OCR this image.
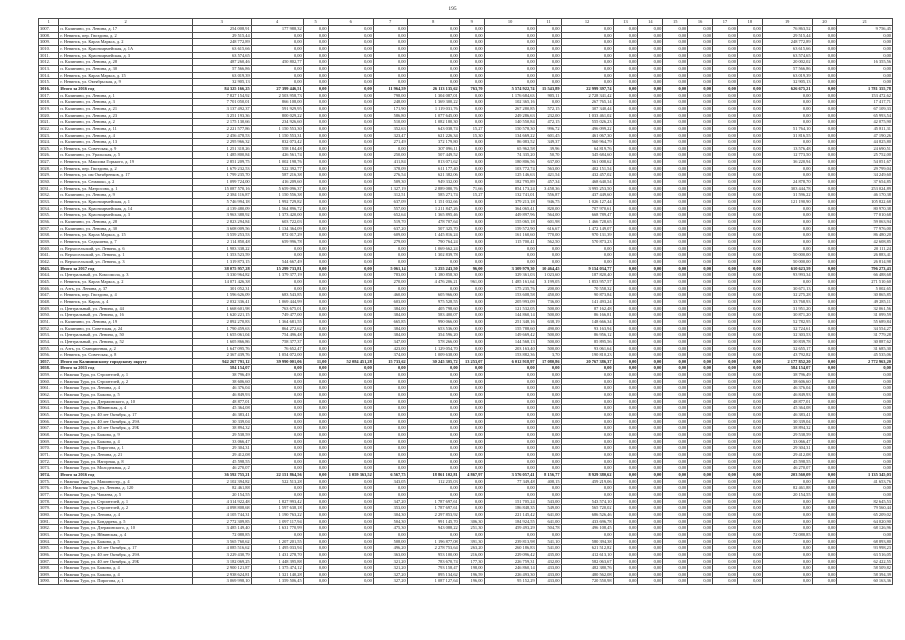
195
1	2	3	4	5	6	7	8	9	10	11	12	13	14	15	16	17	18	19	20	21
3007.	п. Калинино, ул. Ленина, д. 17	254 008,91	177 988,32	0,00	0,00	0,00	0,00	0,00	0,00	0,00	0,00	0,00	0,00	0,00	0,00	0,00	0,00	76 863,52	0,00	9 756,45
3008.	г. Невинск, пер. Гвоздина, д. 2	29 515,44	0,00	0,00	0,00	0,00	0,00	0,00	0,00	0,00	0,00	0,00	0,00	0,00	0,00	0,00	0,00	29 515,44	0,00	0,00
3009.	г. Невинск, ул. Карла Маркса, д. 2	248 772,89	0,00	0,00	0,00	0,00	0,00	0,00	0,00	0,00	0,00	0,00	0,00	0,00	0,00	0,00	0,00	248 772,89	0,00	0,00
3010.	г. Невинск, ул. Красноармейская, д. 1А	63 615,66	0,00	0,00	0,00	0,00	0,00	0,00	0,00	0,00	0,00	0,00	0,00	0,00	0,00	0,00	0,00	63 615,66	0,00	0,00
3011.	г. Невинск, ул. Красноармейская, д. 3	63 574,65	0,00	0,00	0,00	0,00	0,00	0,00	0,00	0,00	0,00	0,00	0,00	0,00	0,00	0,00	0,00	63 574,65	0,00	0,00
3012.	п. Калинино, ул. Ленина, д. 28	487 260,46	450 802,77	0,00	0,00	0,00	0,00	0,00	0,00	0,00	0,00	0,00	0,00	0,00	0,00	0,00	0,00	20 002,02	0,00	16 355,56
3013.	п. Калинино, ул. Ленина, д. 30	57 566,86	0,00	0,00	0,00	0,00	0,00	0,00	0,00	0,00	0,00	0,00	0,00	0,00	0,00	0,00	0,00	57 566,86	0,00	0,00
3014.	г. Невинск, ул. Карла Маркса, д. 15	63 019,39	0,00	0,00	0,00	0,00	0,00	0,00	0,00	0,00	0,00	0,00	0,00	0,00	0,00	0,00	0,00	63 019,39	0,00	0,00
3015.	г. Невинск, ул. Октябрьская, д. 9	32 905,13	0,00	0,00	0,00	0,00	0,00	0,00	0,00	0,00	0,00	0,00	0,00	0,00	0,00	0,00	0,00	32 905,13	0,00	0,00
3016.	Итого за 2016 год	84 325 166,25	27 399 446,51	0,00	0,00	11 964,59	26 113 135,62	763,70	5 574 922,74	15 543,89	22 999 397,74	0,00	0,00	0,00	0,00	0,00	0,00	626 675,21	0,00	1 781 355,78
3017.	п. Калинино, ул. Ленина, д. 1	7 827 154,92	2 503 958,73	0,00	0,00	798,00	1 304 087,01	0,00	1 176 684,63	905,11	2 728 341,42	0,00	0,00	0,00	0,00	0,00	0,00	0,00	0,00	153 472,62
3018.	п. Калинино, ул. Ленина, д. 3	7 701 050,01	866 108,00	0,00	0,00	248,00	1 369 300,22	0,00	102 365,16	0,00	267 765,14	0,00	0,00	0,00	0,00	0,00	0,00	0,00	0,00	17 417,71
3019.	п. Калинино, ул. Ленина, д. 21	3 137 492,37	591 929,95	0,00	0,00	171,90	1 119 031,76	0,00	267 280,85	572,15	307 340,44	0,00	0,00	0,00	0,00	0,00	0,00	0,00	0,00	67 109,33
3020.	п. Калинино, ул. Ленина, д. 23	3 251 193,36	800 029,22	0,00	0,00	586,80	1 077 645,00	0,00	249 286,63	232,00	1 033 461,02	0,00	0,00	0,00	0,00	0,00	0,00	0,00	0,00	65 993,54
3021.	п. Калинино, ул. Ленина, д. 2	2 175 130,66	234 926,60	0,00	0,00	510,00	1 082 180,30	0,00	140 550,84	472,15	555 026,23	0,00	0,00	0,00	0,00	0,00	0,00	0,00	0,00	42 075,90
3022.	п. Калинино, ул. Ленина, д. 11	2 221 577,86	1 150 553,30	0,00	0,00	352,63	643 038,74	15,27	150 578,30	996,72	496 099,22	0,00	0,00	0,00	0,00	0,00	0,00	51 764,10	0,00	45 811,31
3023.	п. Калинино, ул. Ленина, д. 4	2 456 478,53	1 150 553,31	0,00	0,00	323,47	621 226,34	15,30	134 669,22	601,45	461 067,30	0,00	0,00	0,00	0,00	0,00	0,00	31 816,55	0,00	47 190,26
3024.	п. Калинино, ул. Ленина, д. 13	2 295 966,32	832 073,42	0,00	0,00	271,49	372 179,80	0,00	86 083,52	349,37	560 964,79	0,00	0,00	0,00	0,00	0,00	0,00	0,00	0,00	44 825,80
3025.	г. Невинск, ул. Советская, д. 9	1 251 318,26	558 184,48	0,00	0,00	0,00	307 096,11	0,00	65 962,58	39,96	64 819,76	0,00	0,00	0,00	0,00	0,00	0,00	13 576,48	0,00	24 690,51
3026.	п. Калинино, ул. Уральская, д. 5	1 485 800,84	426 561,74	0,00	0,00	250,00	507 449,52	0,00	74 335,20	50,70	345 684,60	0,00	0,00	0,00	0,00	0,00	0,00	12 773,50	0,00	25 752,00
3027.	г. Невинск, ул. Максима Горького, д. 19	2 851 209,75	1 002 198,76	0,00	0,00	411,84	813 071,62	0,00	180 806,56	637,00	561 008,62	0,00	0,00	0,00	0,00	0,00	0,00	36 220,94	0,00	54 051,67
3028.	г. Невинск, пер. Гвоздина, д. 2	1 679 232,53	522 392,77	0,00	0,00	378,09	611 177,40	0,00	103 772,74	563,00	402 151,54	0,00	0,00	0,00	0,00	0,00	0,00	0,00	0,00	29 799,04
3029.	г. Невинск, ул. им Октябренков, д. 17	1 799 235,70	587 216,38	0,00	0,00	276,54	621 382,06	0,00	125 146,63	421,54	432 457,02	0,00	0,00	0,00	0,00	0,00	0,00	0,00	0,00	34 249,60
3030.	г. Невинск, ул. Семашко, д. 2	1 099 724,00	416 209,60	0,00	0,00	509,30	949 332,00	0,00	182 795,89	457,34	468 640,54	0,00	0,00	0,00	0,00	0,00	0,00	24 878,70	0,00	37 654,85
3031.	г. Невинск, ул. Матросова, д. 1	15 087 570,16	5 659 096,37	0,00	0,00	1 327,19	2 889 080,76	71,66	854 173,24	3 458,36	3 995 253,50	0,00	0,00	0,00	0,00	0,00	0,00	303 444,78	0,00	253 024,89
3032.	п. Калинино, ул. Ленина, д. 9	2 384 116,87	1 150 556,38	0,00	0,00	312,51	585 271,74	15,27	132 741,01	556,87	437 449,60	0,00	0,00	0,00	0,00	0,00	0,00	31 596,22	0,00	46 170,38
3033.	г. Невинск, ул. Красноармейская, д. 1	5 746 994,18	1 992 729,82	0,00	0,00	637,09	1 151 032,66	0,00	379 213,18	946,75	1 026 127,44	0,00	0,00	0,00	0,00	0,00	0,00	121 190,90	0,00	105 822,68
3034.	г. Невинск, ул. Красноармейская, д. 14	4 139 480,09	1 564 896,72	0,00	0,00	557,00	1 211 847,26	0,00	364 065,41	820,00	707 970,61	0,00	0,00	0,00	0,00	0,00	0,00	0,00	0,00	80 970,38
3035.	г. Невинск, ул. Красноармейская, д. 3	3 963 388,92	1 373 420,00	0,00	0,00	652,64	1 365 895,46	0,00	449 897,96	564,00	668 789,47	0,00	0,00	0,00	0,00	0,00	0,00	0,00	0,00	77 010,68
3036.	п. Калинино, ул. Ленина, д. 28	2 823 294,84	603 722,03	0,00	0,00	519,70	478 707,64	0,00	155 065,18	601,98	1 466 728,65	0,00	0,00	0,00	0,00	0,00	0,00	0,00	0,00	59 063,94
3037.	п. Калинино, ул. Ленина, д. 30	3 608 009,56	1 134 364,09	0,00	0,00	637,20	507 325,70	0,00	159 572,90	616,67	1 472 149,07	0,00	0,00	0,00	0,00	0,00	0,00	0,00	0,00	77 976,00
3038.	г. Невинск, ул. Карла Маркса, д. 15	3 559 253,53	872 017,29	0,00	0,00	609,00	1 445 816,24	0,00	161 160,60	770,00	970 131,39	0,00	0,00	0,00	0,00	0,00	0,00	0,00	0,00	86 480,20
3039.	г. Невинск, ул. Седышева, д. 7	2 114 850,48	659 996,78	0,00	0,00	279,00	790 764,24	0,00	115 700,41	562,50	570 873,23	0,00	0,00	0,00	0,00	0,00	0,00	0,00	0,00	42 608,85
3040.	п. Верхосельский, ул. Ленина, д. 6	1 983 338,22	0,00	0,00	0,00	0,00	1 069 662,24	0,00	0,00	0,00	0,00	0,00	0,00	0,00	0,00	0,00	0,00	0,00	0,00	20 111,24
3041.	п. Верхосельский, ул. Ленина, д. 1	1 353 523,59	0,00	0,00	0,00	0,00	1 302 839,78	0,00	0,00	0,00	0,00	0,00	0,00	0,00	0,00	0,00	0,00	50 000,00	0,00	26 883,41
3042.	п. Верхосельский, ул. Ленина, д. 3	1 319 873,15	544 667,49	0,00	0,00	0,00	0,00	0,00	0,00	0,00	0,00	0,00	0,00	0,00	0,00	0,00	0,00	50 000,00	0,00	26 814,98
3043.	Итого за 2017 год	38 075 957,28	15 299 733,81	0,00	0,00	5 061,14	3 255 243,50	96,00	3 309 979,30	10 464,45	9 154 034,77	0,00	0,00	0,00	0,00	0,00	0,00	610 623,59	0,00	796 273,43
3044.	п. Центральный, ул. Комсомола, д. 3	3 330 964,82	1 379 377,19	0,00	0,00	783,00	1 180 858,30	0,00	329 361,03	1 023,60	187 820,40	0,00	0,00	0,00	0,00	0,00	0,00	93 993,34	0,00	66 488,68
3045.	г. Невинск, ул. Карла Маркса, д. 2	14 071 426,38	0,00	0,00	0,00	270,00	4 476 206,21	961,00	1 485 161,64	3 199,05	1 853 957,57	0,00	0,00	0,00	0,00	0,00	0,00	0,00	0,00	271 510,60
3046.	п. Азть, ул. Ленина, д. 37	301 052,31	0,00	0,00	0,00	0,00	0,00	0,00	175 235,76	200,00	70 558,32	0,00	0,00	0,00	0,00	0,00	0,00	30 671,13	0,00	5 002,65
3047.	г. Невинск, пер. Гвоздина, д. 4	1 596 626,09	683 543,85	0,00	0,00	460,00	605 966,00	0,00	153 608,58	450,00	90 873,84	0,00	0,00	0,00	0,00	0,00	0,00	32 275,28	0,00	30 865,85
3048.	г. Невинск, ул. Карла, д. 4	2 032 336,41	1 069 444,99	0,00	0,00	603,00	975 528,55	0,00	205 993,09	736,00	141 493,24	0,00	0,00	0,00	0,00	0,00	0,00	33 768,93	0,00	49 285,11
3049.	п. Центральный, ул. Ленина, д. 44	1 668 601,98	763 675,01	0,00	0,00	384,00	405 798,60	0,00	121 532,05	500,00	87 162,48	0,00	0,00	0,00	0,00	0,00	0,00	31 951,20	0,00	32 061,56
3050.	п. Центральный, ул. Ленина, д. 16	1 620 221,15	749 477,00	0,00	0,00	384,00	583 400,07	0,00	144 860,14	500,00	86 166,81	0,00	0,00	0,00	0,00	0,00	0,00	30 871,20	0,00	31 099,59
3051.	п. Калинино, ул. Ленина, д. 19	2 892 270,83	1 364 681,55	0,00	0,00	665,85	990 066,00	0,00	251 348,16	638,19	148 666,34	0,00	0,00	0,00	0,00	0,00	0,00	52 782,95	0,00	55 689,84
3052.	п. Калинино, ул. Советская, д. 24	1 790 459,63	864 272,62	0,00	0,00	384,00	653 536,00	0,00	155 788,60	490,00	93 163,94	0,00	0,00	0,00	0,00	0,00	0,00	32 724,61	0,00	34 554,27
3053.	п. Центральный, ул. Ленина, д. 50	1 655 061,04	754 496,48	0,00	0,00	384,00	354 596,20	0,00	149 669,42	500,00	86 956,12	0,00	0,00	0,00	0,00	0,00	0,00	32 303,53	0,00	31 779,28
3054.	п. Центральный, ул. Ленина, д. 52	1 605 866,86	758 377,37	0,00	0,00	347,00	578 266,00	0,00	144 568,13	500,00	85 895,56	0,00	0,00	0,00	0,00	0,00	0,00	30 839,78	0,00	30 887,62
3055.	п. Азть, ул. Станционная, д. 2	1 647 095,76	76 652,47	0,00	0,00	423,00	1 129 054,70	0,00	203 163,40	500,00	93 061,64	0,00	0,00	0,00	0,00	0,00	0,00	32 655,17	0,00	31 685,30
3056.	г. Невинск, ул. Советская, д. 8	2 367 439,76	1 054 072,00	0,00	0,00	374,00	1 009 638,00	0,00	153 882,36	3,70	190 810,23	0,00	0,00	0,00	0,00	0,00	0,00	43 792,82	0,00	45 535,06
3057.	Итого по Калининскому городскому округу	942 267 791,12	39 990 001,06	11,00	52 084 451,28	15 733,62	30 245 305,72	13 253,07	6 012 918,97	17 080,86	20 767 386,37	0,00	0,00	0,00	0,00	0,00	0,00	2 177 852,20	0,00	2 772 963,20
3058.	Итого за 2015 год	584 154,07	0,00	0,00	0,00	0,00	0,00	0,00	0,00	0,00	0,00	0,00	0,00	0,00	0,00	0,00	0,00	584 154,07	0,00	0,00
3059.	г. Нижняя Тура, ул. Строителей, д. 1	38 796,49	0,00	0,00	0,00	0,00	0,00	0,00	0,00	0,00	0,00	0,00	0,00	0,00	0,00	0,00	0,00	38 796,49	0,00	0,00
3060.	г. Нижняя Тура, ул. Строителей, д. 2	38 606,60	0,00	0,00	0,00	0,00	0,00	0,00	0,00	0,00	0,00	0,00	0,00	0,00	0,00	0,00	0,00	38 606,60	0,00	0,00
3061.	г. Нижняя Тура, ул. Ленина, д. 4	46 376,04	0,00	0,00	0,00	0,00	0,00	0,00	0,00	0,00	0,00	0,00	0,00	0,00	0,00	0,00	0,00	46 376,04	0,00	0,00
3062.	г. Нижняя Тура, ул. Бажова, д. 5	46 849,93	0,00	0,00	0,00	0,00	0,00	0,00	0,00	0,00	0,00	0,00	0,00	0,00	0,00	0,00	0,00	46 849,93	0,00	0,00
3063.	г. Нижняя Тура, ул. Дзержинского, д. 10	48 877,01	0,00	0,00	0,00	0,00	0,00	0,00	0,00	0,00	0,00	0,00	0,00	0,00	0,00	0,00	0,00	48 877,01	0,00	0,00
3064.	г. Нижняя Тура, ул. Яйвинская, д. 4	45 364,08	0,00	0,00	0,00	0,00	0,00	0,00	0,00	0,00	0,00	0,00	0,00	0,00	0,00	0,00	0,00	45 364,08	0,00	0,00
3065.	г. Нижняя Тура, ул. 40 лет Октября, д. 17	46 383,41	0,00	0,00	0,00	0,00	0,00	0,00	0,00	0,00	0,00	0,00	0,00	0,00	0,00	0,00	0,00	46 383,41	0,00	0,00
3066.	г. Нижняя Тура, ул. 40 лет Октября, д. 29А	30 339,04	0,00	0,00	0,00	0,00	0,00	0,00	0,00	0,00	0,00	0,00	0,00	0,00	0,00	0,00	0,00	30 339,04	0,00	0,00
3067.	г. Нижняя Тура, ул. 40 лет Октября, д. 29Б	38 894,32	0,00	0,00	0,00	0,00	0,00	0,00	0,00	0,00	0,00	0,00	0,00	0,00	0,00	0,00	0,00	38 894,32	0,00	0,00
3068.	г. Нижняя Тура, ул. Бажова, д. 9	29 538,59	0,00	0,00	0,00	0,00	0,00	0,00	0,00	0,00	0,00	0,00	0,00	0,00	0,00	0,00	0,00	29 538,59	0,00	0,00
3069.	г. Нижняя Тура, ул. Бажова, д. 4	33 066,47	0,00	0,00	0,00	0,00	0,00	0,00	0,00	0,00	0,00	0,00	0,00	0,00	0,00	0,00	0,00	33 066,47	0,00	0,00
3070.	г. Нижняя Тура, ул. Пирогова, д. 1	29 304,31	0,00	0,00	0,00	0,00	0,00	0,00	0,00	0,00	0,00	0,00	0,00	0,00	0,00	0,00	0,00	29 304,31	0,00	0,00
3071.	г. Нижняя Тура, ул. Ленина, д. 21	29 412,08	0,00	0,00	0,00	0,00	0,00	0,00	0,00	0,00	0,00	0,00	0,00	0,00	0,00	0,00	0,00	29 412,08	0,00	0,00
3072.	г. Нижняя Тура, ул. Нагорная, д. 8	45 598,55	0,00	0,00	0,00	0,00	0,00	0,00	0,00	0,00	0,00	0,00	0,00	0,00	0,00	0,00	0,00	45 598,55	0,00	0,00
3073.	г. Нижняя Тура, ул. Молодежная, д. 2	46 270,07	0,00	0,00	0,00	0,00	0,00	0,00	0,00	0,00	0,00	0,00	0,00	0,00	0,00	0,00	0,00	46 270,07	0,00	0,00
3074.	Итого за 2016 год	36 592 755,21	22 151 864,56	0,00	1 059 363,52	6 567,75	18 861 102,81	4 867,97	3 576 057,41	8 156,77	8 929 380,62	0,00	0,00	0,00	0,00	0,00	0,00	203 560,09	0,00	1 135 345,03
3075.	г. Нижняя Тура, ул. Машиностр., д. 4	2 102 394,82	522 513,28	0,00	0,00	343,05	112 235,03	0,00	77 349,48	408,15	459 219,06	0,00	0,00	0,00	0,00	0,00	0,00	0,00	0,00	41 653,76
3076.	г. Ист. Нижняя Тура, ул. Ленина, д. 120	82 461,88	0,00	0,00	0,00	0,00	0,00	0,00	0,00	0,00	0,00	0,00	0,00	0,00	0,00	0,00	0,00	82 461,88	0,00	0,00
3077.	г. Нижняя Тура, ул. Чапаева, д. 5	20 154,55	0,00	0,00	0,00	0,00	0,00	0,00	0,00	0,00	0,00	0,00	0,00	0,00	0,00	0,00	0,00	20 154,55	0,00	0,00
3078.	г. Нижняя Тура, ул. Строителей, д. 1	4 314 922,48	1 827 993,42	0,00	0,00	347,20	1 787 697,61	0,00	151 705,24	543,00	543 574,10	0,00	0,00	0,00	0,00	0,00	0,00	0,00	0,00	82 645,53
3079.	г. Нижняя Тура, ул. Строителей, д. 2	4 098 808,68	1 597 638,18	0,00	0,00	353,00	1 787 697,61	0,00	186 848,35	549,00	565 720,02	0,00	0,00	0,00	0,00	0,00	0,00	0,00	0,00	79 560,44
3080.	г. Нижняя Тура, ул. Ленина, д. 4	4 105 744,31	1 190 763,22	0,00	0,00	304,30	2 297 853,92	0,00	221 145,42	641,00	686 526,46	0,00	0,00	0,00	0,00	0,00	0,00	0,00	0,00	65 209,02
3081.	г. Нижняя Тура, ул. Бондарева, д. 5	2 772 309,85	1 097 117,94	0,00	0,00	504,30	991 145,70	306,30	184 924,55	641,00	433 696,78	0,00	0,00	0,00	0,00	0,00	0,00	0,00	0,00	64 020,90
3082.	г. Нижняя Тура, ул. Дзержинского, д. 10	3 485 149,40	1 631 770,99	0,00	0,00	475,30	943 088,22	251,30	459 493,29	504,78	496 108,45	0,00	0,00	0,00	0,00	0,00	0,00	0,00	0,00	68 126,96
3083.	г. Нижняя Тура, ул. Яйвинская, д. 4	72 088,85	0,00	0,00	0,00	0,00	0,00	0,00	0,00	0,00	0,00	0,00	0,00	0,00	0,00	0,00	0,00	72 088,85	0,00	0,00
3084.	г. Нижняя Тура, ул. Бажова, д. 5	3 565 760,62	1 207 201,55	0,00	0,00	508,00	1 196 877,08	391,30	239 813,98	541,10	580 394,38	0,00	0,00	0,00	0,00	0,00	0,00	0,00	0,00	68 893,80
3085.	г. Нижняя Тура, ул. 40 лет Октября, д. 17	4 085 516,62	1 495 033,94	0,00	0,00	496,20	2 278 753,64	263,20	260 186,83	541,00	621 512,82	0,00	0,00	0,00	0,00	0,00	0,00	0,00	0,00	93 998,23
3086.	г. Нижняя Тура, ул. 40 лет Октября, д. 29А	3 229 430,79	1 431 278,70	0,00	0,00	363,00	953 100,00	216,00	229 096,42	435,00	412 613,10	0,00	0,00	0,00	0,00	0,00	0,00	0,00	0,00	63 516,05
3087.	г. Нижняя Тура, ул. 40 лет Октября, д. 29Б	3 182 069,25	1 448 395,88	0,00	0,00	321,20	783 670,74	177,30	226 759,31	432,00	582 063,67	0,00	0,00	0,00	0,00	0,00	0,00	0,00	0,00	62 422,55
3088.	г. Нижняя Тура, ул. Бажова, д. 4	2 900 121,87	1 375 474,12	0,00	0,00	321,20	793 158,47	198,00	246 860,14	433,00	482 380,76	0,00	0,00	0,00	0,00	0,00	0,00	0,00	0,00	58 509,82
3089.	г. Нижняя Тура, ул. Бажова, д. 4	2 938 624,81	1 321 140,28	0,00	0,00	327,20	895 134,62	196,59	226 493,30	433,00	480 562,08	0,00	0,00	0,00	0,00	0,00	0,00	0,00	0,00	58 394,39
3090.	г. Нижняя Тура, ул. Пирогова, д. 1	3 069 998,10	1 359 506,45	0,00	0,00	327,20	1 087 127,64	196,00	95 152,29	433,00	720 550,98	0,00	0,00	0,00	0,00	0,00	0,00	0,00	0,00	60 163,36
